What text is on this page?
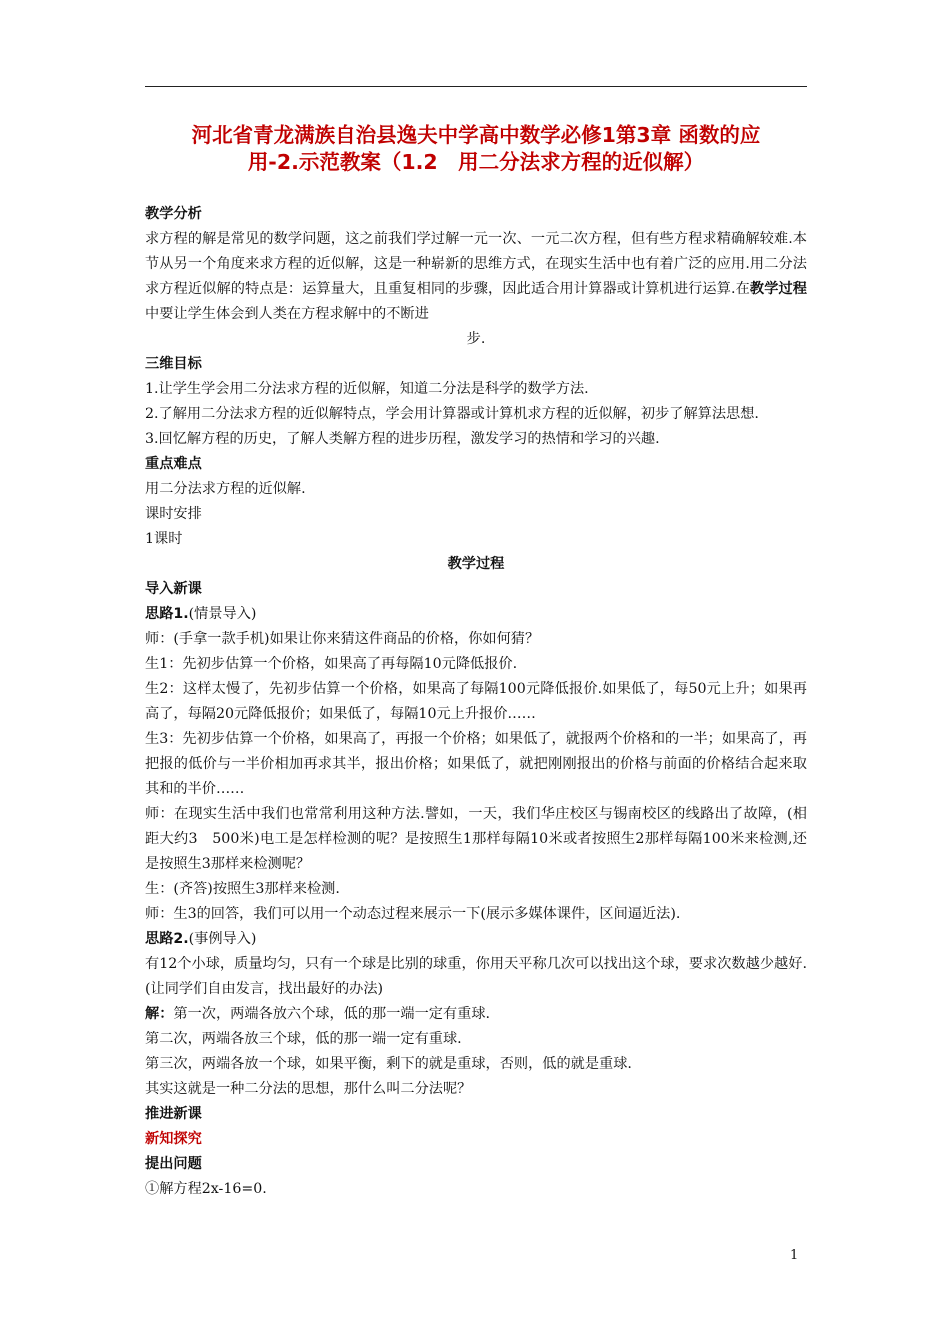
河北省青龙满族自治县逸夫中学高中数学必修1第3章 函数的应
用-2.示范教案（1.2　用二分法求方程的近似解）
教学分析
求方程的解是常见的数学问题，这之前我们学过解一元一次、一元二次方程，但有些方程求精确解较难.本节从另一个角度来求方程的近似解，这是一种崭新的思维方式，在现实生活中也有着广泛的应用.用二分法求方程近似解的特点是：运算量大，且重复相同的步骤，因此适合用计算器或计算机进行运算.在教学过程中要让学生体会到人类在方程求解中的不断进
步.
三维目标
1.让学生学会用二分法求方程的近似解，知道二分法是科学的数学方法.
2.了解用二分法求方程的近似解特点，学会用计算器或计算机求方程的近似解，初步了解算法思想.
3.回忆解方程的历史，了解人类解方程的进步历程，激发学习的热情和学习的兴趣.
重点难点
用二分法求方程的近似解.
课时安排
1课时
教学过程
导入新课
思路1.(情景导入)
师：(手拿一款手机)如果让你来猜这件商品的价格，你如何猜？
生1：先初步估算一个价格，如果高了再每隔10元降低报价.
生2：这样太慢了，先初步估算一个价格，如果高了每隔100元降低报价.如果低了，每50元上升；如果再高了，每隔20元降低报价；如果低了，每隔10元上升报价……
生3：先初步估算一个价格，如果高了，再报一个价格；如果低了，就报两个价格和的一半；如果高了，再把报的低价与一半价相加再求其半，报出价格；如果低了，就把刚刚报出的价格与前面的价格结合起来取其和的半价……
师：在现实生活中我们也常常利用这种方法.譬如，一天，我们华庄校区与锡南校区的线路出了故障，(相距大约3　500米)电工是怎样检测的呢？是按照生1那样每隔10米或者按照生2那样每隔100米来检测,还是按照生3那样来检测呢？
生：(齐答)按照生3那样来检测.
师：生3的回答，我们可以用一个动态过程来展示一下(展示多媒体课件，区间逼近法).
思路2.(事例导入)
有12个小球，质量均匀，只有一个球是比别的球重，你用天平称几次可以找出这个球，要求次数越少越好.(让同学们自由发言，找出最好的办法)
解：第一次，两端各放六个球，低的那一端一定有重球.
第二次，两端各放三个球，低的那一端一定有重球.
第三次，两端各放一个球，如果平衡，剩下的就是重球，否则，低的就是重球.
其实这就是一种二分法的思想，那什么叫二分法呢？
推进新课
新知探究
提出问题
①解方程2x-16=0.
1
